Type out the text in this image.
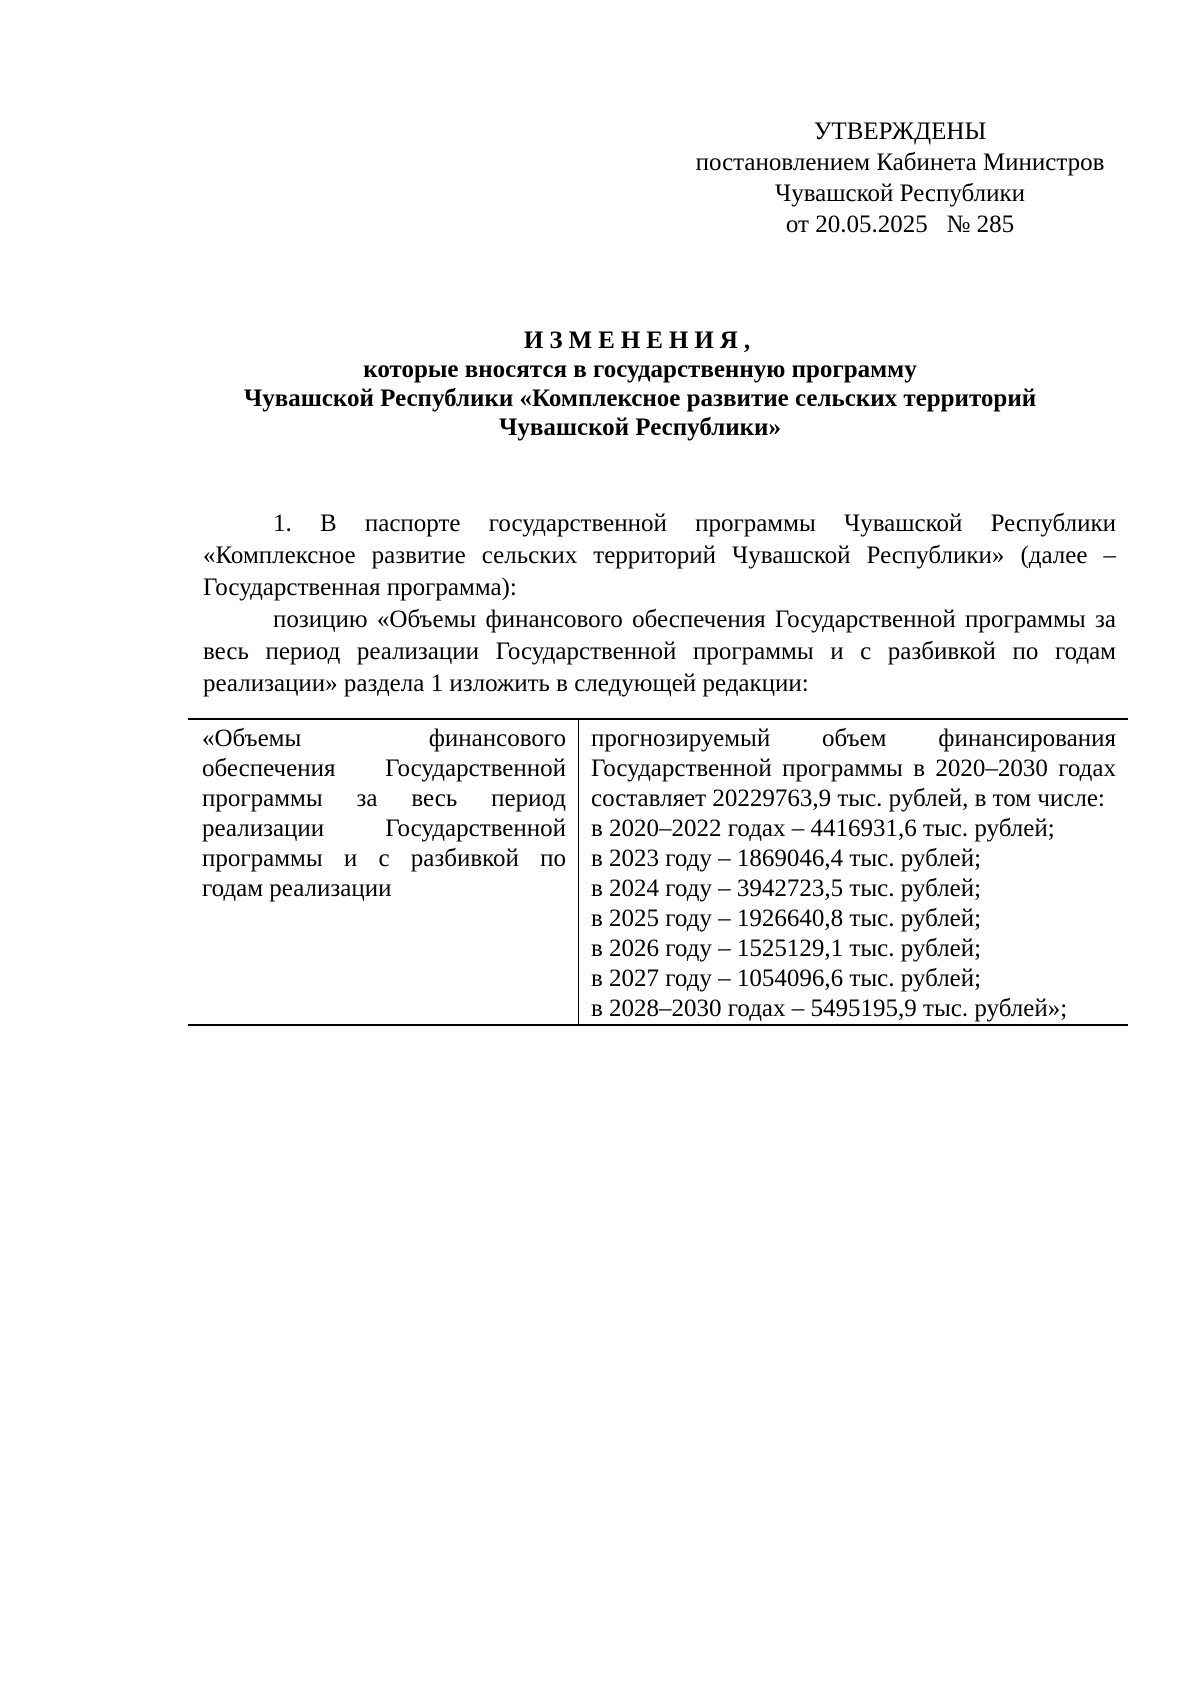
УТВЕРЖДЕНЫ
постановлением Кабинета Министров
Чувашской Республики
от 20.05.2025   № 285
ИЗМЕНЕНИЯ,
которые вносятся в государственную программу
Чувашской Республики «Комплексное развитие сельских территорий
Чувашской Республики»

1. В паспорте государственной программы Чувашской Республики «Комплексное развитие сельских территорий Чувашской Республики» (далее – Государственная программа):

позицию «Объемы финансового обеспечения Государственной программы за весь период реализации Государственной программы и с разбивкой по годам реализации» раздела 1 изложить в следующей редакции:

«Объемы финансового обеспечения Государственной программы за весь период реализации Государственной программы и с разбивкой по годам реализации	прогнозируемый объем финансирования Государственной программы в 2020–2030 годах составляет 20229763,9 тыс. рублей, в том числе:
в 2020–2022 годах – 4416931,6 тыс. рублей;
в 2023 году – 1869046,4 тыс. рублей;
в 2024 году – 3942723,5 тыс. рублей;
в 2025 году – 1926640,8 тыс. рублей;
в 2026 году – 1525129,1 тыс. рублей;
в 2027 году – 1054096,6 тыс. рублей;
в 2028–2030 годах – 5495195,9 тыс. рублей»;
